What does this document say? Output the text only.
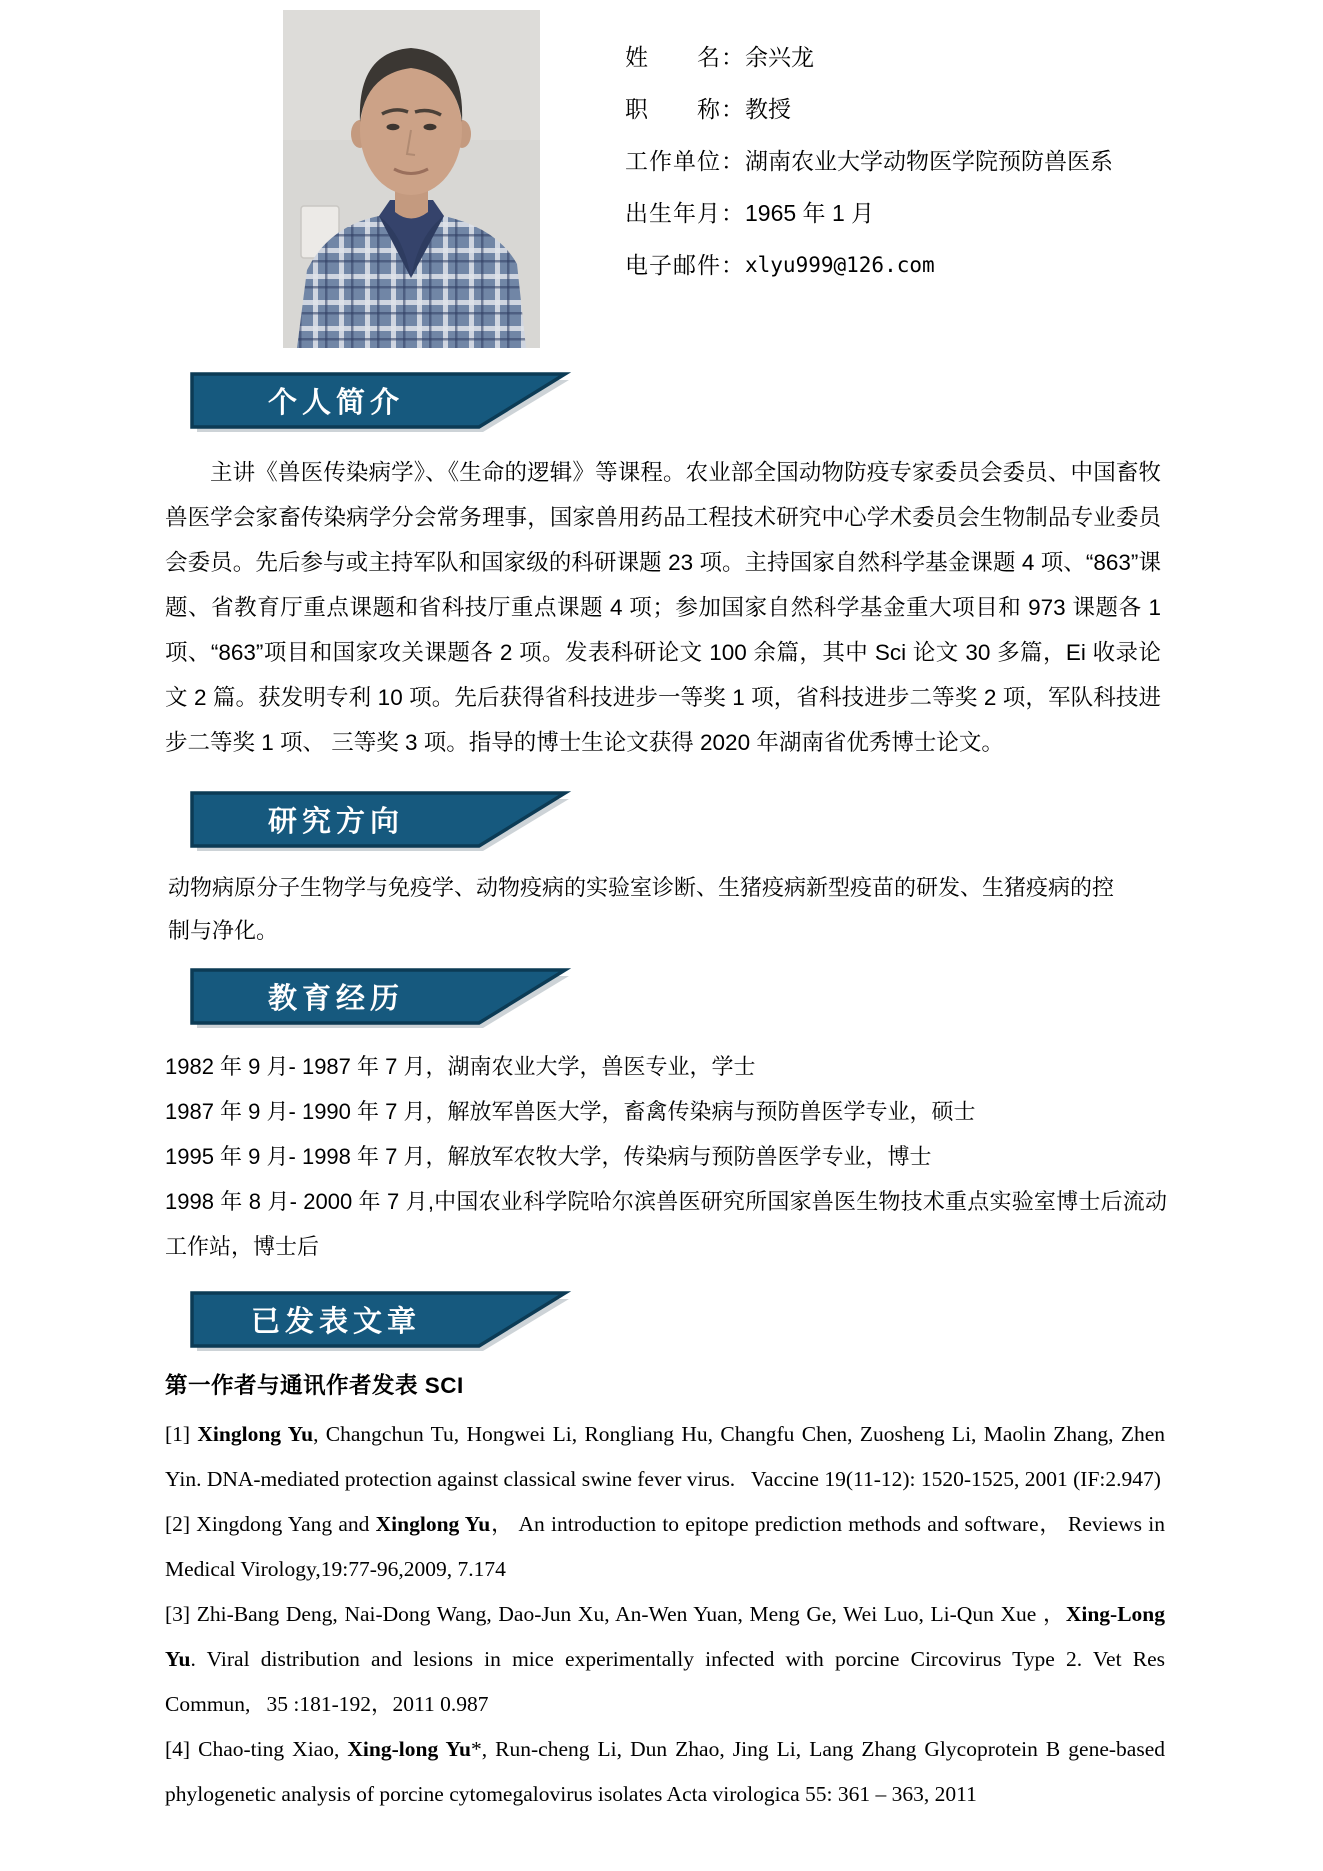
姓　　名： 余兴龙
职　　称： 教授
工作单位： 湖南农业大学动物医学院预防兽医系
出生年月： 1965 年 1 月
电子邮件： xlyu999@126.com
个人简介

主讲《兽医传染病学》、《生命的逻辑》等课程。农业部全国动物防疫专家委员会委员、中国畜牧兽医学会家畜传染病学分会常务理事，国家兽用药品工程技术研究中心学术委员会生物制品专业委员会委员。先后参与或主持军队和国家级的科研课题 23 项。主持国家自然科学基金课题 4 项、“863”课题、省教育厅重点课题和省科技厅重点课题 4 项；参加国家自然科学基金重大项目和 973 课题各 1 项、“863”项目和国家攻关课题各 2 项。发表科研论文 100 余篇，其中 Sci 论文 30 多篇，Ei 收录论文 2 篇。获发明专利 10 项。先后获得省科技进步一等奖 1 项，省科技进步二等奖 2 项，军队科技进步二等奖 1 项、 三等奖 3 项。指导的博士生论文获得 2020 年湖南省优秀博士论文。

研究方向

动物病原分子生物学与免疫学、动物疫病的实验室诊断、生猪疫病新型疫苗的研发、生猪疫病的控制与净化。

教育经历

1982 年 9 月- 1987 年 7 月，湖南农业大学，兽医专业，学士

1987 年 9 月- 1990 年 7 月，解放军兽医大学，畜禽传染病与预防兽医学专业，硕士

1995 年 9 月- 1998 年 7 月，解放军农牧大学，传染病与预防兽医学专业，博士

1998 年 8 月- 2000 年 7 月,中国农业科学院哈尔滨兽医研究所国家兽医生物技术重点实验室博士后流动工作站，博士后

已发表文章

第一作者与通讯作者发表 SCI

[1] Xinglong Yu, Changchun Tu, Hongwei Li, Rongliang Hu, Changfu Chen, Zuosheng Li, Maolin Zhang, Zhen Yin. DNA-mediated protection against classical swine fever virus.   Vaccine 19(11-12): 1520-1525, 2001 (IF:2.947)

[2] Xingdong Yang and Xinglong Yu， An introduction to epitope prediction methods and software， Reviews in Medical Virology,19:77-96,2009, 7.174

[3] Zhi-Bang Deng, Nai-Dong Wang, Dao-Jun Xu, An-Wen Yuan, Meng Ge, Wei Luo, Li-Qun Xue ，Xing-Long Yu. Viral distribution and lesions in mice experimentally infected with porcine Circovirus Type 2. Vet Res Commun,   35 :181-192，2011 0.987

[4] Chao-ting Xiao, Xing-long Yu*, Run-cheng Li, Dun Zhao, Jing Li, Lang Zhang Glycoprotein B gene-based phylogenetic analysis of porcine cytomegalovirus isolates Acta virologica 55: 361 – 363, 2011
